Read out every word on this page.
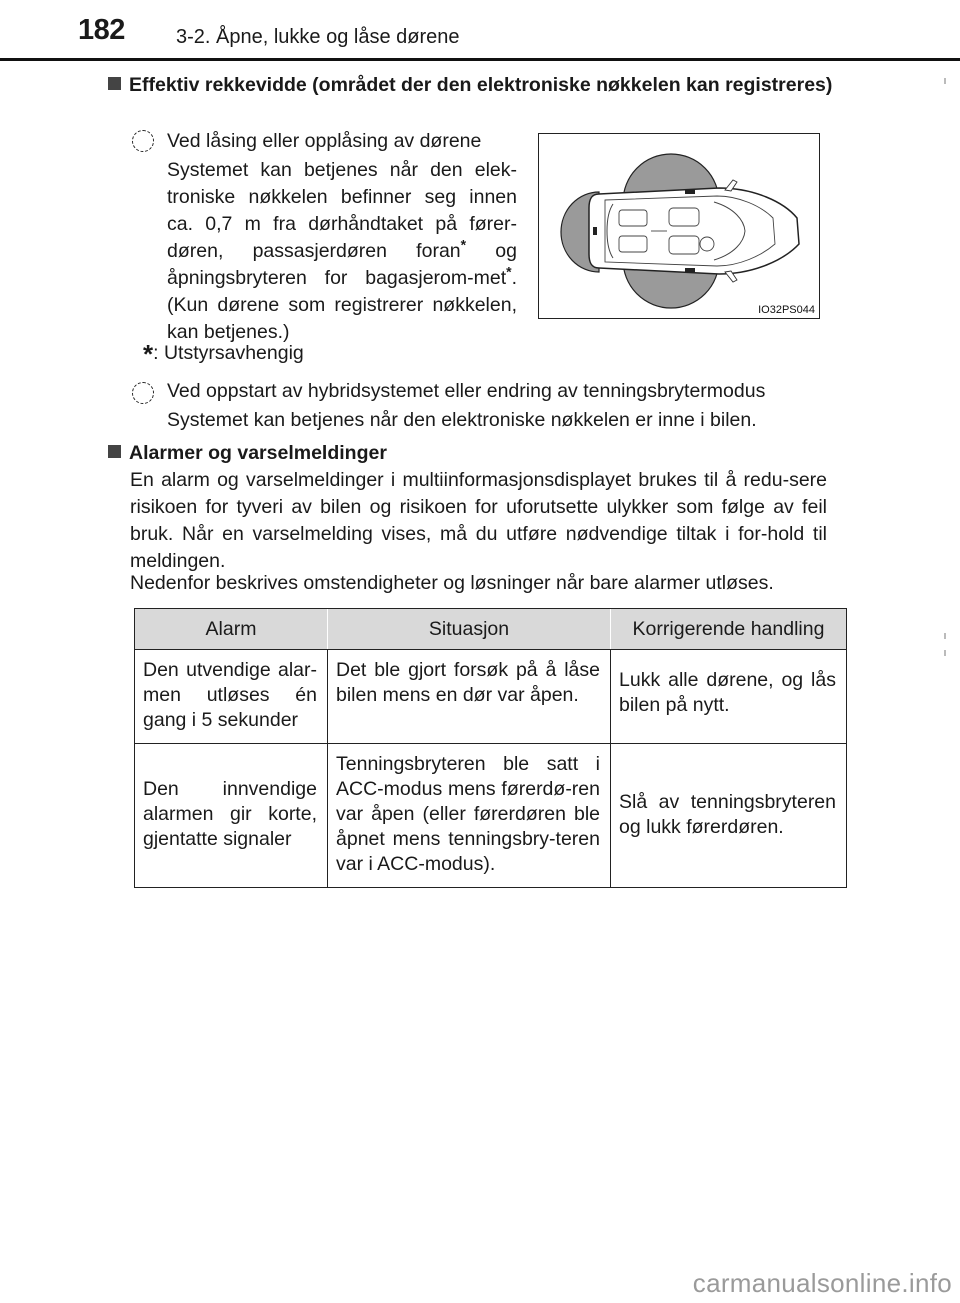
182	3-2. Åpne, lukke og låse dørene
Effektiv rekkevidde (området der den elektroniske nøkkelen kan registreres)
Ved låsing eller opplåsing av dørene
Systemet kan betjenes når den elek-troniske nøkkelen befinner seg innen ca. 0,7 m fra dørhåndtaket på fører-døren, passasjerdøren foran* og åpningsbryteren for bagasjerom-met*. (Kun dørene som registrerer nøkkelen, kan betjenes.)
IO32PS044
*: Utstyrsavhengig
Ved oppstart av hybridsystemet eller endring av tenningsbrytermodus
Systemet kan betjenes når den elektroniske nøkkelen er inne i bilen.
Alarmer og varselmeldinger
En alarm og varselmeldinger i multiinformasjonsdisplayet brukes til å redu-sere risikoen for tyveri av bilen og risikoen for uforutsette ulykker som følge av feil bruk. Når en varselmelding vises, må du utføre nødvendige tiltak i for-hold til meldingen.
Nedenfor beskrives omstendigheter og løsninger når bare alarmer utløses.
Alarm	Situasjon	Korrigerende handling
Den utvendige alar-men utløses én gang i 5 sekunder	Det ble gjort forsøk på å låse bilen mens en dør var åpen.	Lukk alle dørene, og lås bilen på nytt.
Den innvendige alarmen gir korte, gjentatte signaler	Tenningsbryteren ble satt i ACC-modus mens førerdø-ren var åpen (eller førerdøren ble åpnet mens tenningsbry-teren var i ACC-modus).	Slå av tenningsbryteren og lukk førerdøren.
carmanualsonline.info
